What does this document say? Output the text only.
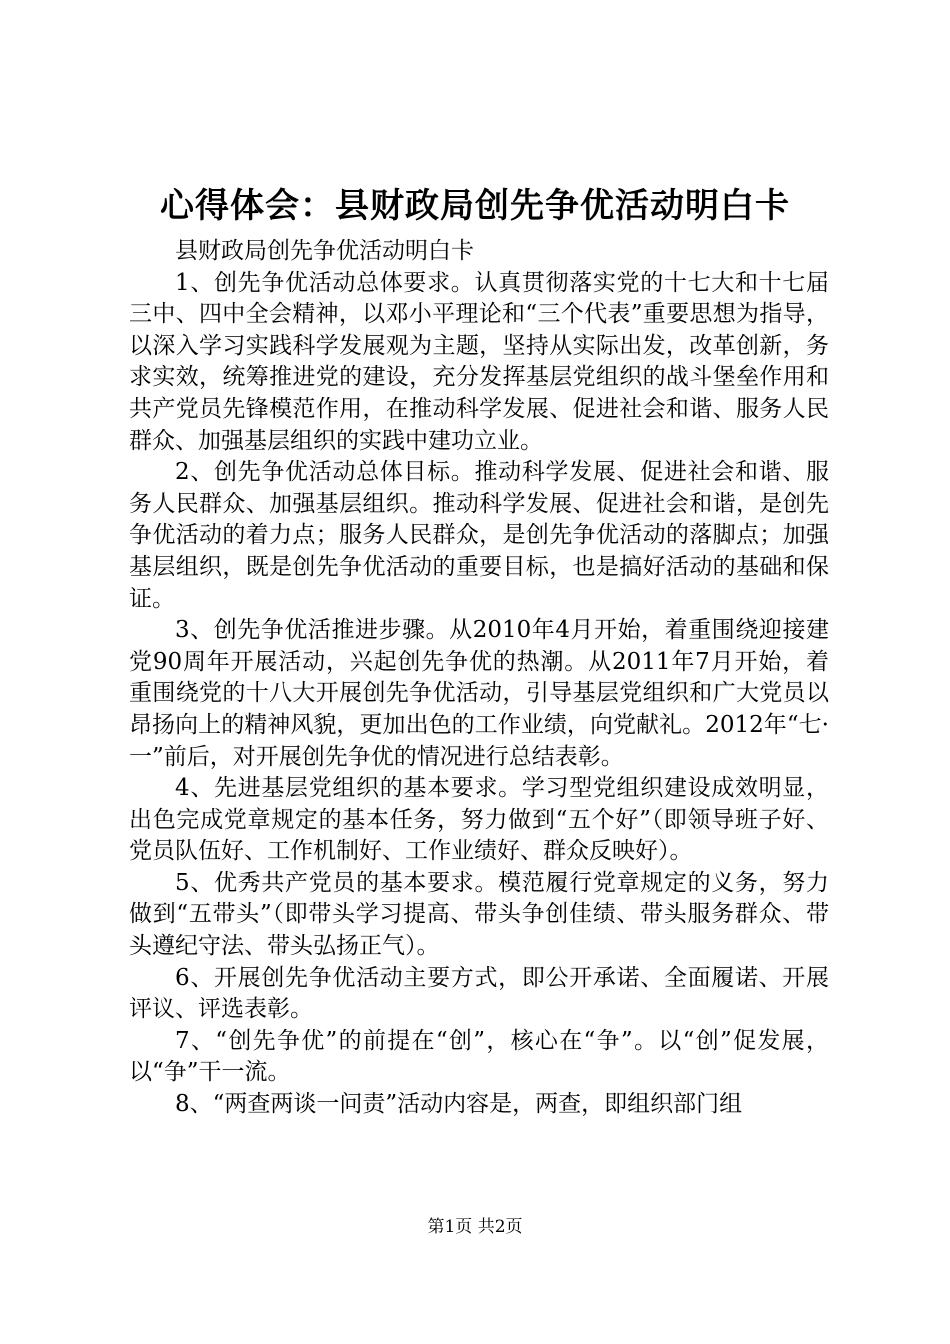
心得体会：县财政局创先争优活动明白卡

县财政局创先争优活动明白卡

1、创先争优活动总体要求。认真贯彻落实党的十七大和十七届三中、四中全会精神，以邓小平理论和“三个代表”重要思想为指导，以深入学习实践科学发展观为主题，坚持从实际出发，改革创新，务求实效，统筹推进党的建设，充分发挥基层党组织的战斗堡垒作用和共产党员先锋模范作用，在推动科学发展、促进社会和谐、服务人民群众、加强基层组织的实践中建功立业。

2、创先争优活动总体目标。推动科学发展、促进社会和谐、服务人民群众、加强基层组织。推动科学发展、促进社会和谐，是创先争优活动的着力点；服务人民群众，是创先争优活动的落脚点；加强基层组织，既是创先争优活动的重要目标，也是搞好活动的基础和保证。

3、创先争优活推进步骤。从2010年4月开始，着重围绕迎接建党90周年开展活动，兴起创先争优的热潮。从2011年7月开始，着重围绕党的十八大开展创先争优活动，引导基层党组织和广大党员以昂扬向上的精神风貌，更加出色的工作业绩，向党献礼。2012年“七·一”前后，对开展创先争优的情况进行总结表彰。

4、先进基层党组织的基本要求。学习型党组织建设成效明显，出色完成党章规定的基本任务，努力做到“五个好”（即领导班子好、党员队伍好、工作机制好、工作业绩好、群众反映好）。

5、优秀共产党员的基本要求。模范履行党章规定的义务，努力做到“五带头”（即带头学习提高、带头争创佳绩、带头服务群众、带头遵纪守法、带头弘扬正气）。

6、开展创先争优活动主要方式，即公开承诺、全面履诺、开展评议、评选表彰。

7、“创先争优”的前提在“创”，核心在“争”。以“创”促发展，以“争”干一流。

8、“两查两谈一问责”活动内容是，两查，即组织部门组

第1页 共2页
